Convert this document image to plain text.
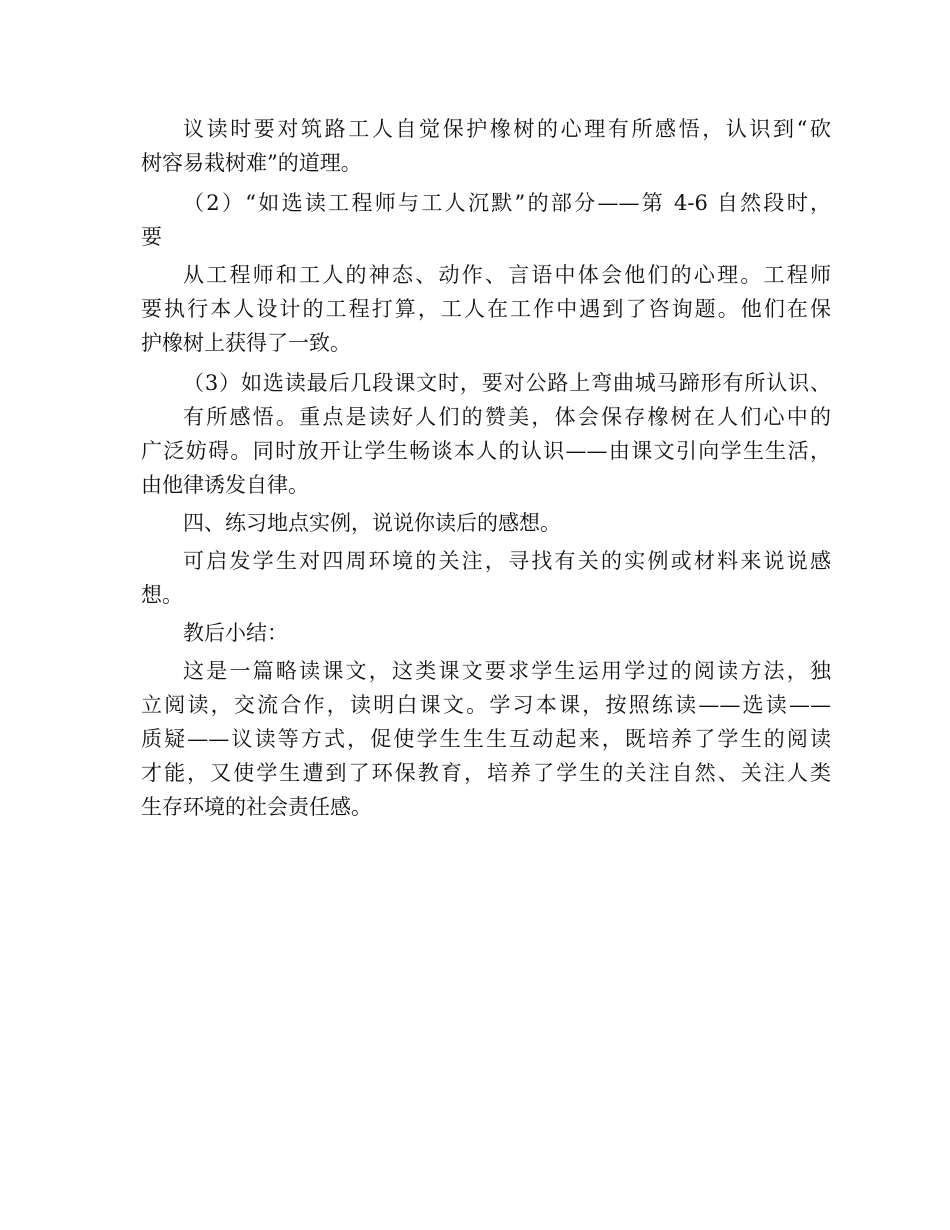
议读时要对筑路工人自觉保护橡树的心理有所感悟，认识到“砍
树容易栽树难”的道理。
（2）“如选读工程师与工人沉默”的部分——第 4-6 自然段时，
要
从工程师和工人的神态、动作、言语中体会他们的心理。工程师
要执行本人设计的工程打算，工人在工作中遇到了咨询题。他们在保
护橡树上获得了一致。
（3）如选读最后几段课文时，要对公路上弯曲城马蹄形有所认识、
有所感悟。重点是读好人们的赞美，体会保存橡树在人们心中的
广泛妨碍。同时放开让学生畅谈本人的认识——由课文引向学生生活，
由他律诱发自律。
四、练习地点实例，说说你读后的感想。
可启发学生对四周环境的关注，寻找有关的实例或材料来说说感
想。
教后小结：
这是一篇略读课文，这类课文要求学生运用学过的阅读方法，独
立阅读，交流合作，读明白课文。学习本课，按照练读——选读——
质疑——议读等方式，促使学生生生互动起来，既培养了学生的阅读
才能，又使学生遭到了环保教育，培养了学生的关注自然、关注人类
生存环境的社会责任感。
